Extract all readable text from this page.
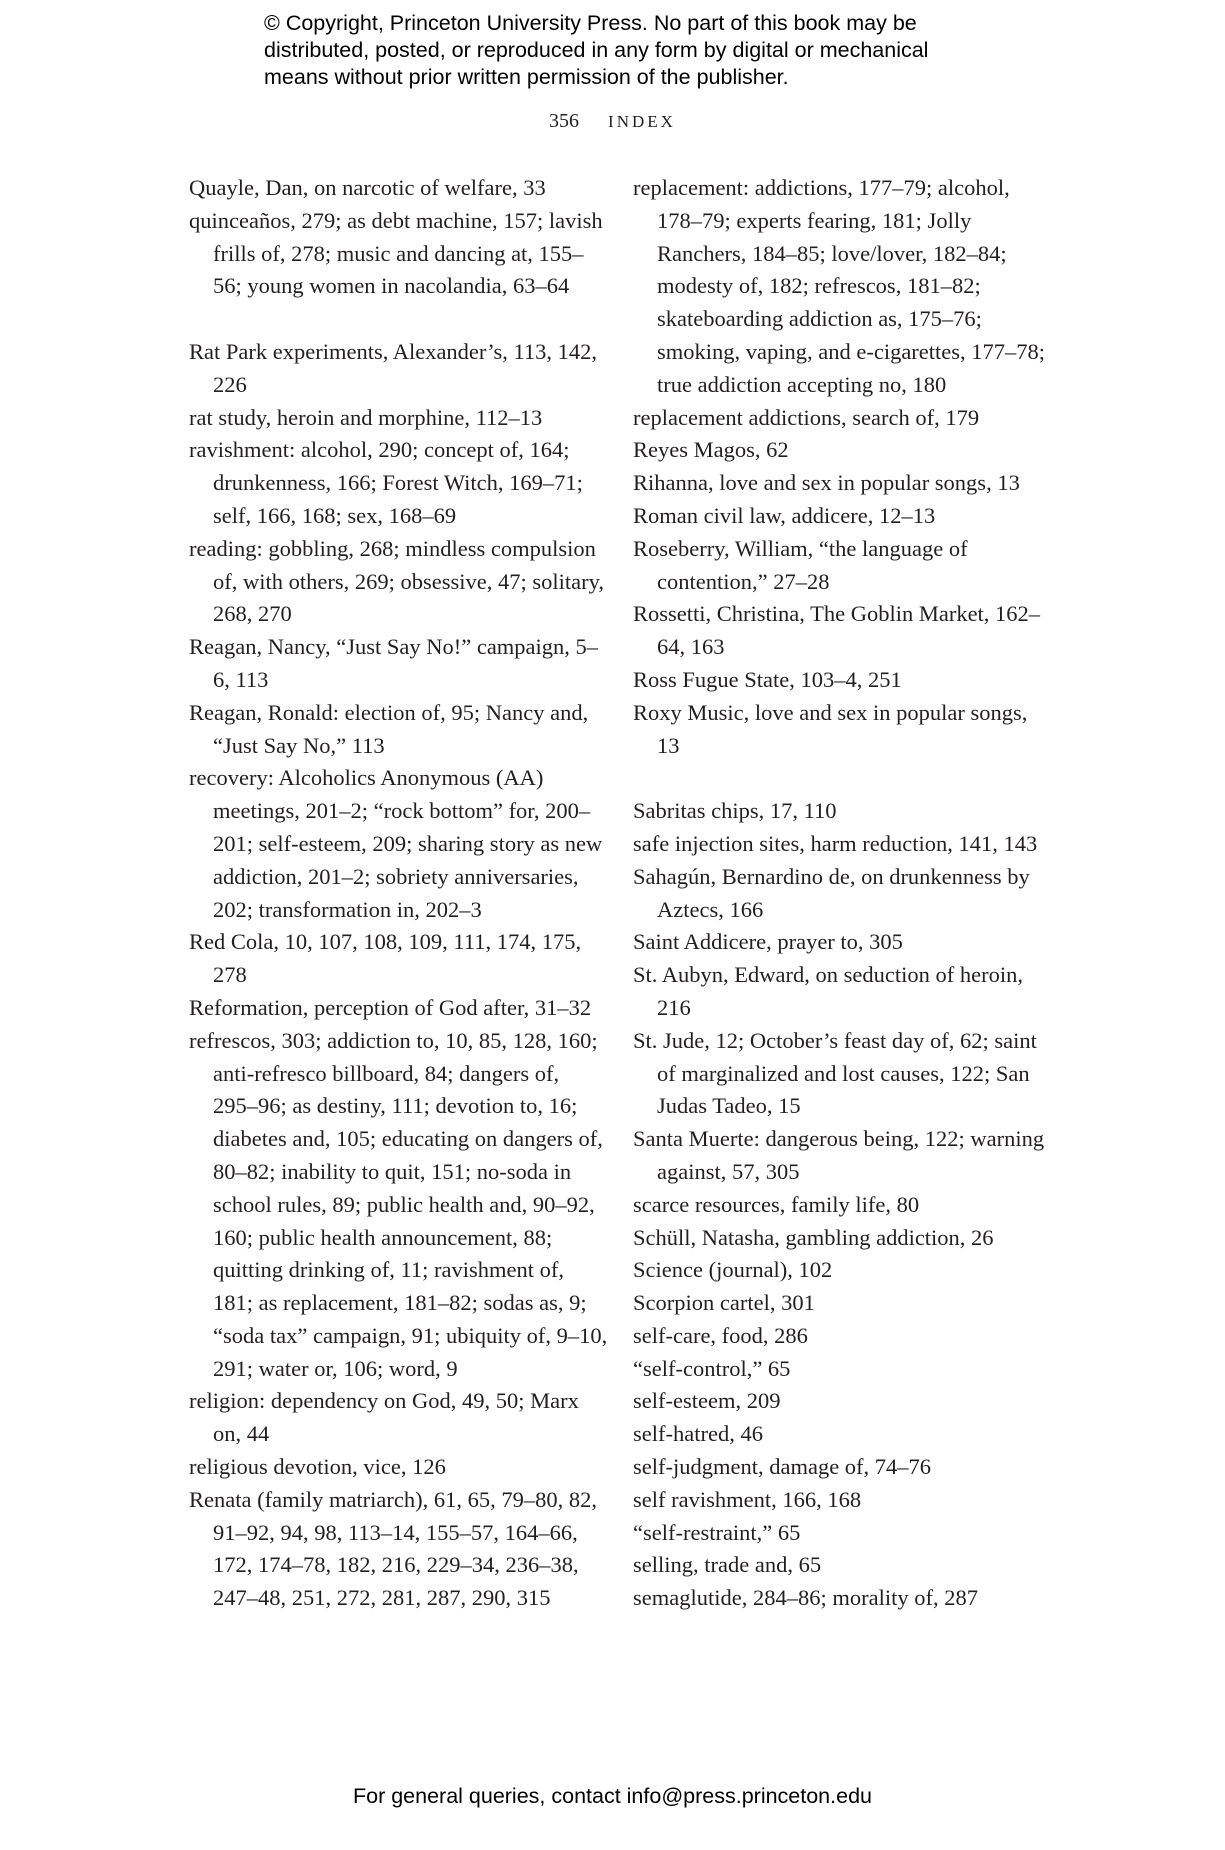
© Copyright, Princeton University Press. No part of this book may be
distributed, posted, or reproduced in any form by digital or mechanical
means without prior written permission of the publisher.
356 INDEX
Quayle, Dan, on narcotic of welfare, 33
quinceaños, 279; as debt machine, 157; lavish frills of, 278; music and dancing at, 155–56; young women in nacolandia, 63–64
Rat Park experiments, Alexander’s, 113, 142, 226
rat study, heroin and morphine, 112–13
ravishment: alcohol, 290; concept of, 164; drunkenness, 166; Forest Witch, 169–71; self, 166, 168; sex, 168–69
reading: gobbling, 268; mindless compulsion of, with others, 269; obsessive, 47; solitary, 268, 270
Reagan, Nancy, “Just Say No!” campaign, 5–6, 113
Reagan, Ronald: election of, 95; Nancy and, “Just Say No,” 113
recovery: Alcoholics Anonymous (AA) meetings, 201–2; “rock bottom” for, 200–201; self-esteem, 209; sharing story as new addiction, 201–2; sobriety anniversaries, 202; transformation in, 202–3
Red Cola, 10, 107, 108, 109, 111, 174, 175, 278
Reformation, perception of God after, 31–32
refrescos, 303; addiction to, 10, 85, 128, 160; anti-refresco billboard, 84; dangers of, 295–96; as destiny, 111; devotion to, 16; diabetes and, 105; educating on dangers of, 80–82; inability to quit, 151; no-soda in school rules, 89; public health and, 90–92, 160; public health announcement, 88; quitting drinking of, 11; ravishment of, 181; as replacement, 181–82; sodas as, 9; “soda tax” campaign, 91; ubiquity of, 9–10, 291; water or, 106; word, 9
religion: dependency on God, 49, 50; Marx on, 44
religious devotion, vice, 126
Renata (family matriarch), 61, 65, 79–80, 82, 91–92, 94, 98, 113–14, 155–57, 164–66, 172, 174–78, 182, 216, 229–34, 236–38, 247–48, 251, 272, 281, 287, 290, 315
replacement: addictions, 177–79; alcohol, 178–79; experts fearing, 181; Jolly Ranchers, 184–85; love/lover, 182–84; modesty of, 182; refrescos, 181–82; skateboarding addiction as, 175–76; smoking, vaping, and e-cigarettes, 177–78; true addiction accepting no, 180
replacement addictions, search of, 179
Reyes Magos, 62
Rihanna, love and sex in popular songs, 13
Roman civil law, addicere, 12–13
Roseberry, William, “the language of contention,” 27–28
Rossetti, Christina, The Goblin Market, 162–64, 163
Ross Fugue State, 103–4, 251
Roxy Music, love and sex in popular songs, 13
Sabritas chips, 17, 110
safe injection sites, harm reduction, 141, 143
Sahagún, Bernardino de, on drunkenness by Aztecs, 166
Saint Addicere, prayer to, 305
St. Aubyn, Edward, on seduction of heroin, 216
St. Jude, 12; October’s feast day of, 62; saint of marginalized and lost causes, 122; San Judas Tadeo, 15
Santa Muerte: dangerous being, 122; warning against, 57, 305
scarce resources, family life, 80
Schüll, Natasha, gambling addiction, 26
Science (journal), 102
Scorpion cartel, 301
self-care, food, 286
“self-control,” 65
self-esteem, 209
self-hatred, 46
self-judgment, damage of, 74–76
self ravishment, 166, 168
“self-restraint,” 65
selling, trade and, 65
semaglutide, 284–86; morality of, 287
For general queries, contact info@press.princeton.edu
